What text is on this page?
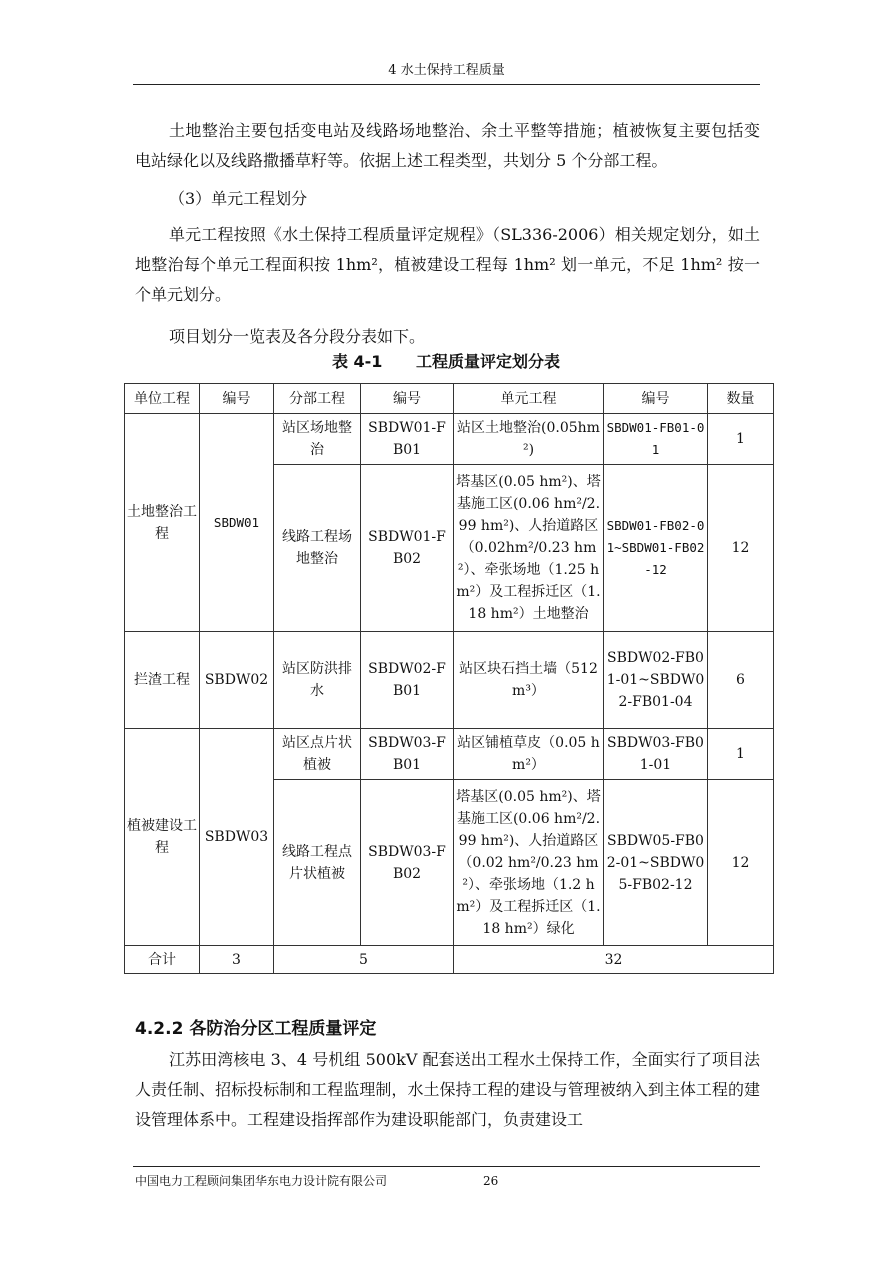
4 水土保持工程质量

土地整治主要包括变电站及线路场地整治、余土平整等措施；植被恢复主要包括变电站绿化以及线路撒播草籽等。依据上述工程类型，共划分 5 个分部工程。

（3）单元工程划分

单元工程按照《水土保持工程质量评定规程》（SL336-2006）相关规定划分，如土地整治每个单元工程面积按 1hm²，植被建设工程每 1hm² 划一单元，不足 1hm² 按一个单元划分。

项目划分一览表及各分段分表如下。

表 4-1 工程质量评定划分表
单位工程	编号	分部工程	编号	单元工程	编号	数量
土地整治工程	SBDW01	站区场地整治	SBDW01-FB01	站区土地整治(0.05hm²)	SBDW01-FB01-01	1
		线路工程场地整治	SBDW01-FB02	塔基区(0.05 hm²)、塔基施工区(0.06 hm²/2.99 hm²)、人抬道路区（0.02hm²/0.23 hm²）、牵张场地（1.25 hm²）及工程拆迁区（1.18 hm²）土地整治	SBDW01-FB02-01~SBDW01-FB02-12	12
拦渣工程	SBDW02	站区防洪排水	SBDW02-FB01	站区块石挡土墙（512m³）	SBDW02-FB01-01~SBDW02-FB01-04	6
植被建设工程	SBDW03	站区点片状植被	SBDW03-FB01	站区铺植草皮（0.05 hm²）	SBDW03-FB01-01	1
		线路工程点片状植被	SBDW03-FB02	塔基区(0.05 hm²)、塔基施工区(0.06 hm²/2.99 hm²)、人抬道路区（0.02 hm²/0.23 hm²）、牵张场地（1.2 hm²）及工程拆迁区（1.18 hm²）绿化	SBDW05-FB02-01~SBDW05-FB02-12	12
合计	3	5		32		
4.2.2 各防治分区工程质量评定

江苏田湾核电 3、4 号机组 500kV 配套送出工程水土保持工作，全面实行了项目法人责任制、招标投标制和工程监理制，水土保持工程的建设与管理被纳入到主体工程的建设管理体系中。工程建设指挥部作为建设职能部门，负责建设工

中国电力工程顾问集团华东电力设计院有限公司	26
